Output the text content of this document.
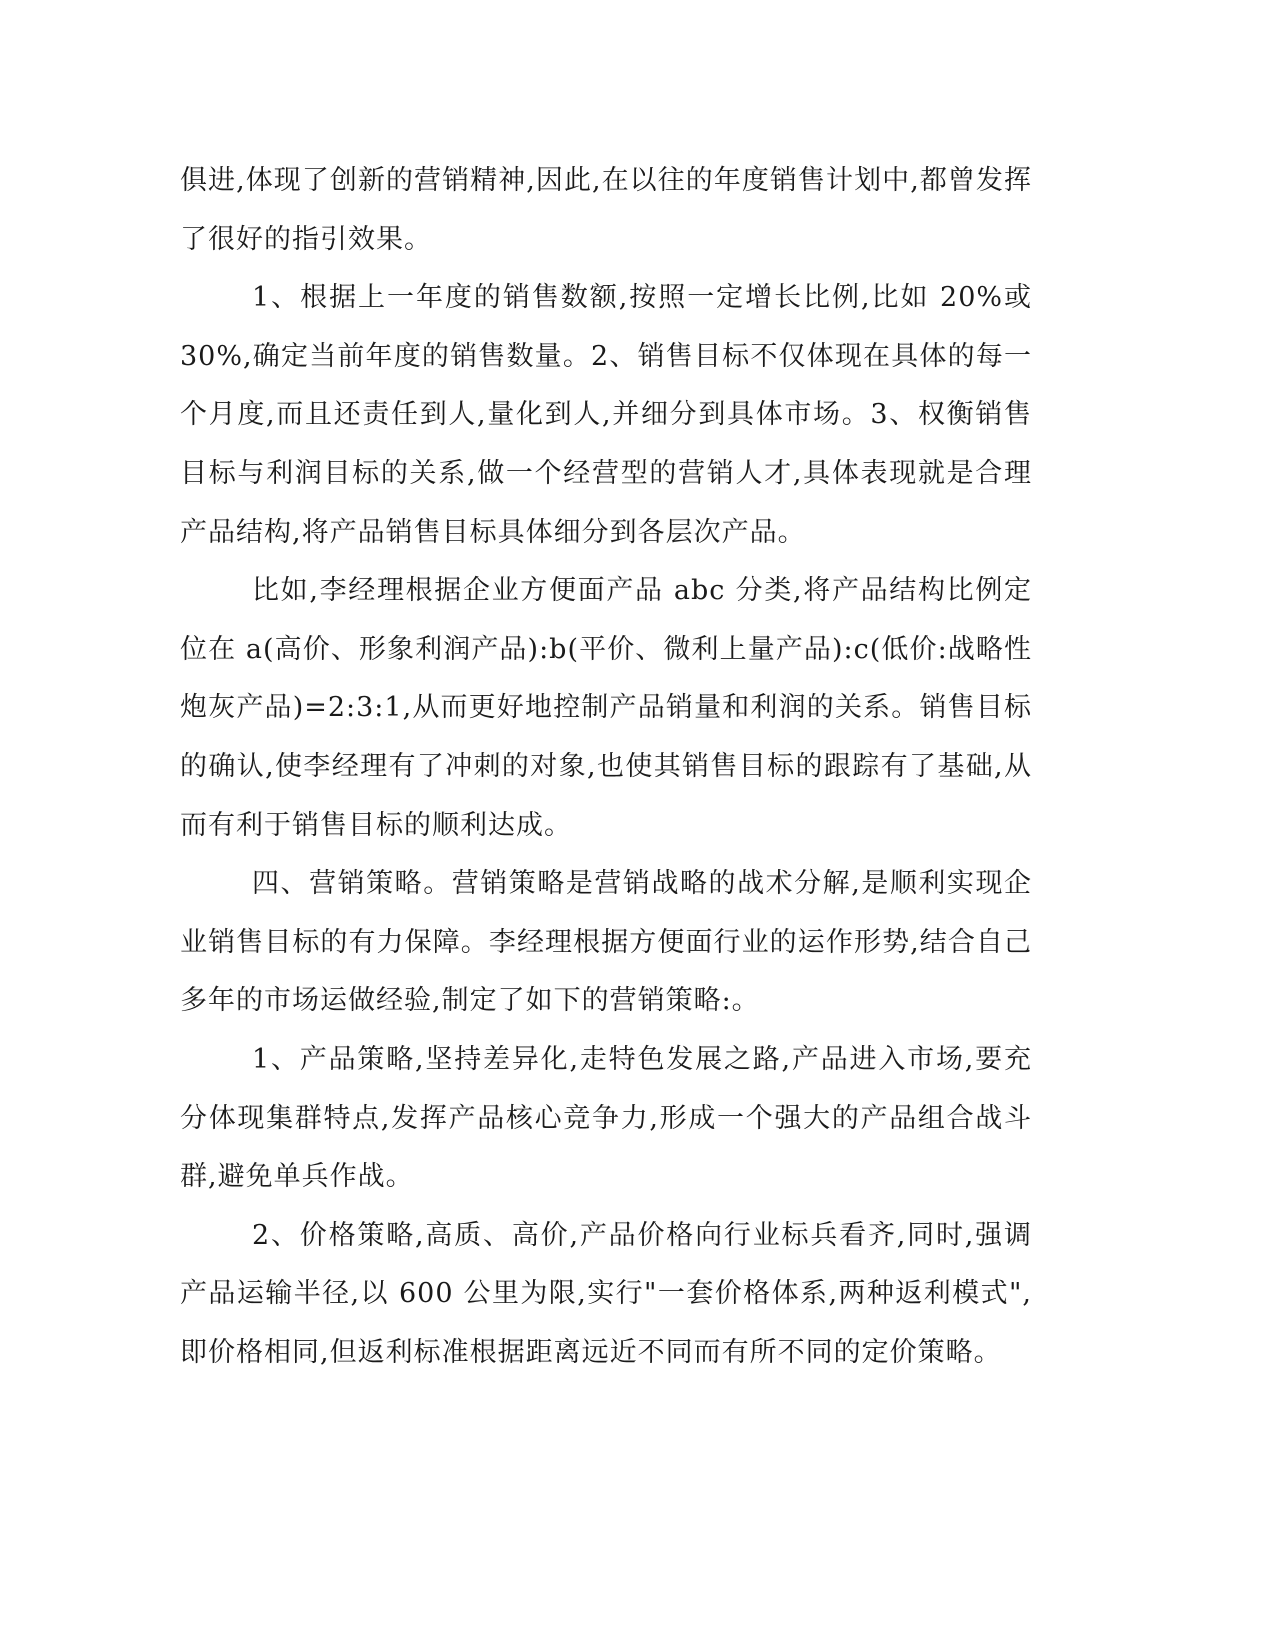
俱进,体现了创新的营销精神,因此,在以往的年度销售计划中,都曾发挥了很好的指引效果。

1、根据上一年度的销售数额,按照一定增长比例,比如 20%或 30%,确定当前年度的销售数量。2、销售目标不仅体现在具体的每一个月度,而且还责任到人,量化到人,并细分到具体市场。3、权衡销售目标与利润目标的关系,做一个经营型的营销人才,具体表现就是合理产品结构,将产品销售目标具体细分到各层次产品。

比如,李经理根据企业方便面产品 abc 分类,将产品结构比例定位在 a(高价、形象利润产品):b(平价、微利上量产品):c(低价:战略性炮灰产品)=2:3:1,从而更好地控制产品销量和利润的关系。销售目标的确认,使李经理有了冲刺的对象,也使其销售目标的跟踪有了基础,从而有利于销售目标的顺利达成。

四、营销策略。营销策略是营销战略的战术分解,是顺利实现企业销售目标的有力保障。李经理根据方便面行业的运作形势,结合自己多年的市场运做经验,制定了如下的营销策略:。

1、产品策略,坚持差异化,走特色发展之路,产品进入市场,要充分体现集群特点,发挥产品核心竞争力,形成一个强大的产品组合战斗群,避免单兵作战。

2、价格策略,高质、高价,产品价格向行业标兵看齐,同时,强调产品运输半径,以 600 公里为限,实行"一套价格体系,两种返利模式",即价格相同,但返利标准根据距离远近不同而有所不同的定价策略。
